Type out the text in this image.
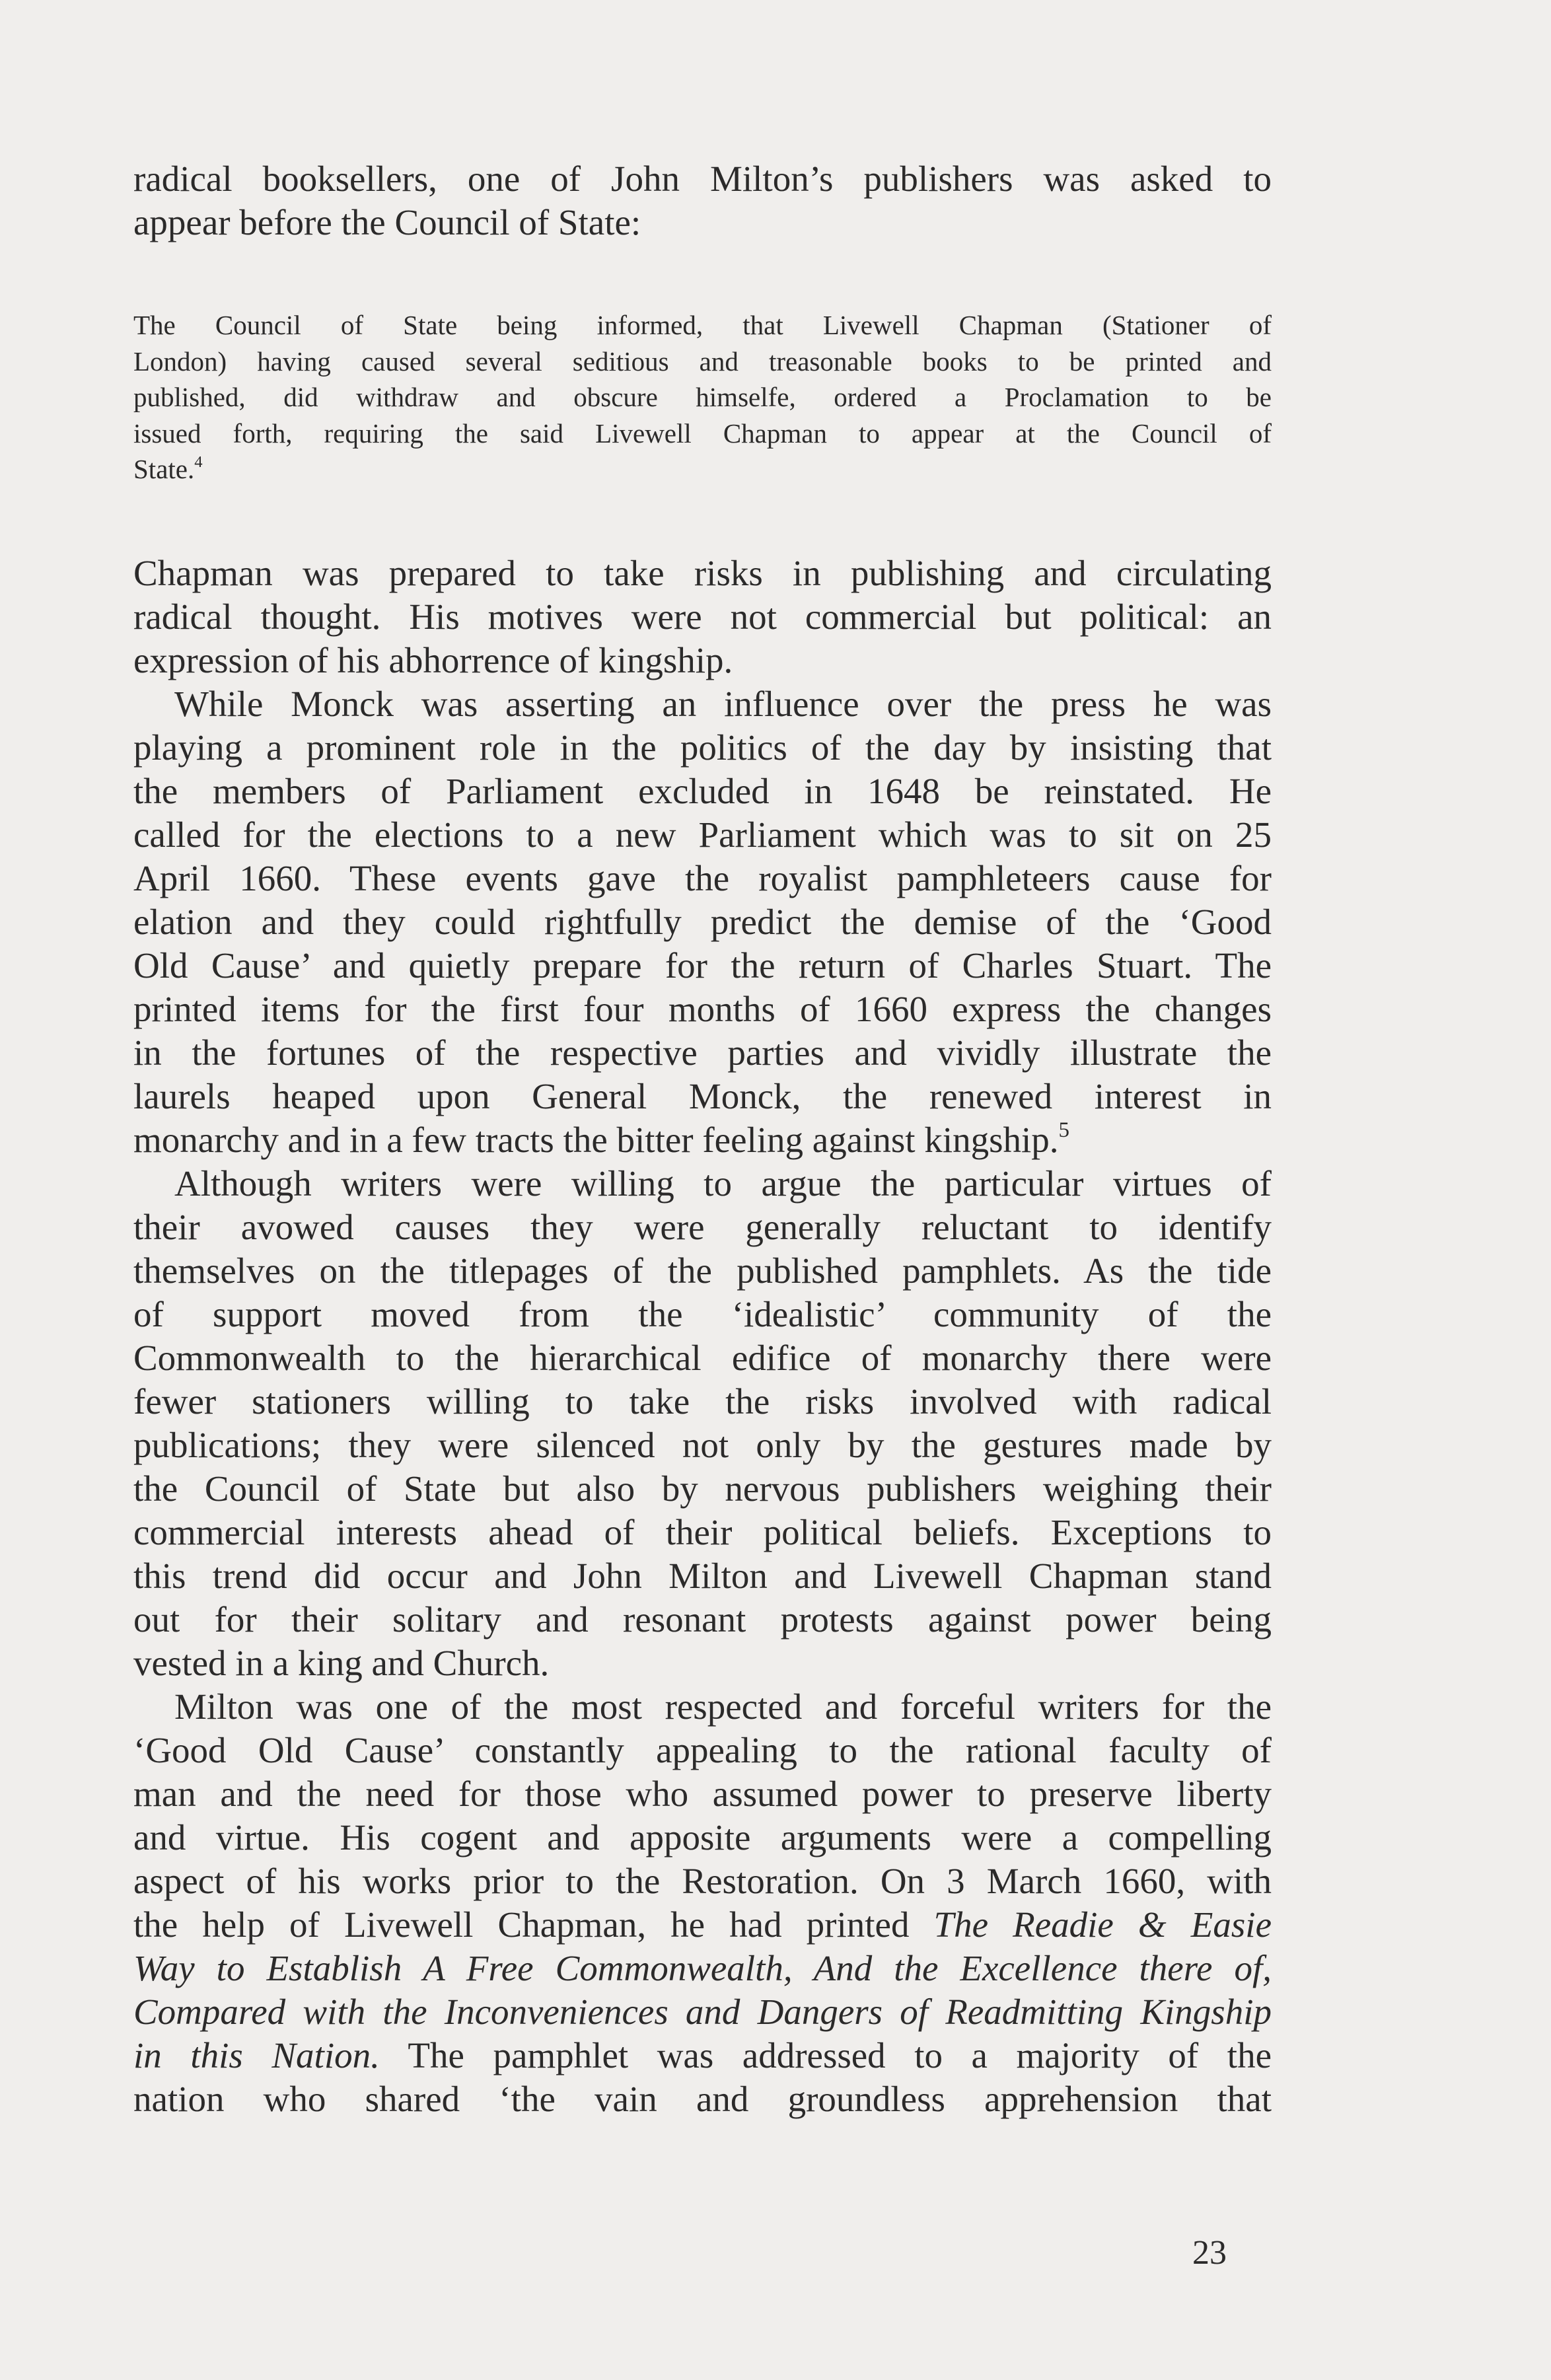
radical booksellers, one of John Milton’s publishers was asked to
appear before the Council of State:
The Council of State being informed, that Livewell Chapman (Stationer of
London) having caused several seditious and treasonable books to be printed and
published, did withdraw and obscure himselfe, ordered a Proclamation to be
issued forth, requiring the said Livewell Chapman to appear at the Council of
State.$^4$
Chapman was prepared to take risks in publishing and circulating
radical thought. His motives were not commercial but political: an
expression of his abhorrence of kingship.
While Monck was asserting an influence over the press he was
playing a prominent role in the politics of the day by insisting that
the members of Parliament excluded in 1648 be reinstated. He
called for the elections to a new Parliament which was to sit on 25
April 1660. These events gave the royalist pamphleteers cause for
elation and they could rightfully predict the demise of the ‘Good
Old Cause’ and quietly prepare for the return of Charles Stuart. The
printed items for the first four months of 1660 express the changes
in the fortunes of the respective parties and vividly illustrate the
laurels heaped upon General Monck, the renewed interest in
monarchy and in a few tracts the bitter feeling against kingship.$^5$
Although writers were willing to argue the particular virtues of
their avowed causes they were generally reluctant to identify
themselves on the titlepages of the published pamphlets. As the tide
of support moved from the ‘idealistic’ community of the
Commonwealth to the hierarchical edifice of monarchy there were
fewer stationers willing to take the risks involved with radical
publications; they were silenced not only by the gestures made by
the Council of State but also by nervous publishers weighing their
commercial interests ahead of their political beliefs. Exceptions to
this trend did occur and John Milton and Livewell Chapman stand
out for their solitary and resonant protests against power being
vested in a king and Church.
Milton was one of the most respected and forceful writers for the
‘Good Old Cause’ constantly appealing to the rational faculty of
man and the need for those who assumed power to preserve liberty
and virtue. His cogent and apposite arguments were a compelling
aspect of his works prior to the Restoration. On 3 March 1660, with
the help of Livewell Chapman, he had printed The Readie & Easie
Way to Establish A Free Commonwealth, And the Excellence there of,
Compared with the Inconveniences and Dangers of Readmitting Kingship
in this Nation. The pamphlet was addressed to a majority of the
nation who shared ‘the vain and groundless apprehension that
23
